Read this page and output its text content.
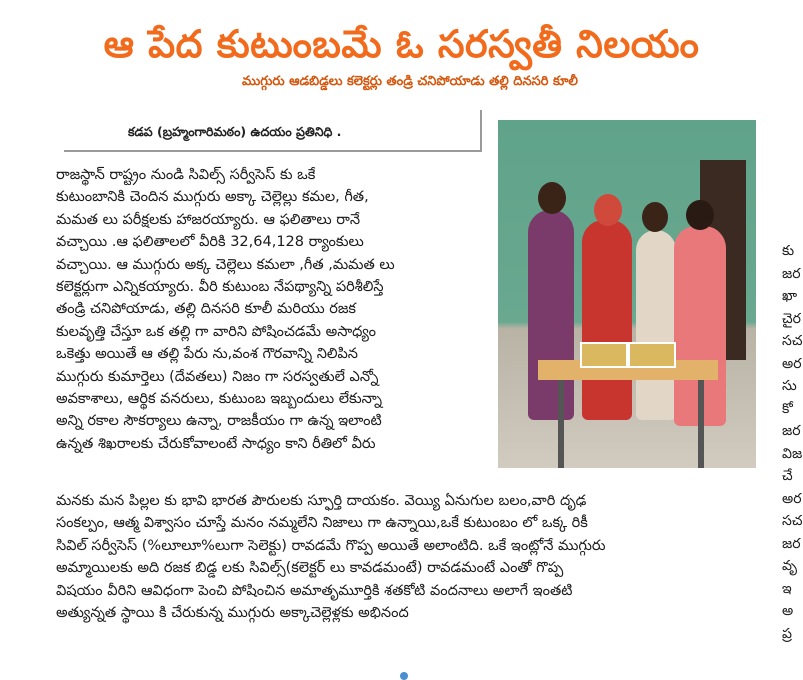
ఆ పేద కుటుంబమే ఓ సరస్వతీ నిలయం
ముగ్గురు ఆడబిడ్డలు కలెక్టర్లు తండ్రి చనిపోయాడు తల్లి దినసరి కూలీ
కడప (బ్రహ్మంగారిమఠం) ఉదయం ప్రతినిధి .
రాజస్థాన్ రాష్ట్రం నుండి సివిల్స్ సర్వీసెస్ కు ఒకే
కుటుంబానికి చెందిన ముగ్గురు అక్కా చెల్లెల్లు కమల, గీత,
మమత లు పరీక్షలకు హాజరయ్యారు. ఆ ఫలితాలు రానే
వచ్చాయి .ఆ ఫలితాలలో వీరికి 32,64,128 ర్యాంకులు
వచ్చాయి. ఆ ముగ్గురు అక్క చెల్లెలు కమలా ,గీత ,మమత లు
కలెక్టర్లుగా ఎన్నికయ్యారు. వీరి కుటుంబ నేపథ్యాన్ని పరిశీలిస్తే
తండ్రి చనిపోయాడు, తల్లి దినసరి కూలీ మరియు రజక
కులవృత్తి చేస్తూ ఒక తల్లి గా వారిని పోషించడమే అసాధ్యం
ఒకెత్తు అయితే ఆ తల్లి పేరు ను,వంశ గౌరవాన్ని నిలిపిన
ముగ్గురు కుమార్తెలు (దేవతలు) నిజం గా సరస్వతులే ఎన్నో
అవకాశాలు, ఆర్థిక వనరులు, కుటుంబ ఇబ్బందులు లేకున్నా
అన్ని రకాల సౌకర్యాలు ఉన్నా, రాజకీయం గా ఉన్న ఇలాంటి
ఉన్నత శిఖరాలకు చేరుకోవాలంటే సాధ్యం కాని రీతిలో వీరు
మనకు మన పిల్లల కు భావి భారత పౌరులకు స్ఫూర్తి దాయకం. వెయ్యి ఏనుగుల బలం,వారి దృఢ
సంకల్పం, ఆత్మ విశ్వాసం చూస్తే మనం నమ్మలేని నిజాలు గా ఉన్నాయి,ఒకే కుటుంబం లో ఒక్క రికీ
సివిల్ సర్వీసెస్ (%లూలూ%లుగా సెలెక్టు) రావడమే గొప్ప అయితే అలాంటిది. ఒకే ఇంట్లోనే ముగ్గురు
అమ్మాయిలకు అది రజక బిడ్డ లకు సివిల్స్(కలెక్టర్ లు కావడమంటే) రావడమంటే ఎంతో గొప్ప
విషయం వీరిని ఆవిధంగా పెంచి పోషించిన అమాతృమూర్తికి శతకోటి వందనాలు అలాగే ఇంతటి
అత్యున్నత స్థాయి కి చేరుకున్న ముగ్గురు అక్కాచెల్లెళ్లకు అభినంద
కు
జర
ఖా
చైర
సచ
అర
సు
కో
జర
విజ
చే
అర
సచ
జర
వృ
ఇ
అ
ప్ర
